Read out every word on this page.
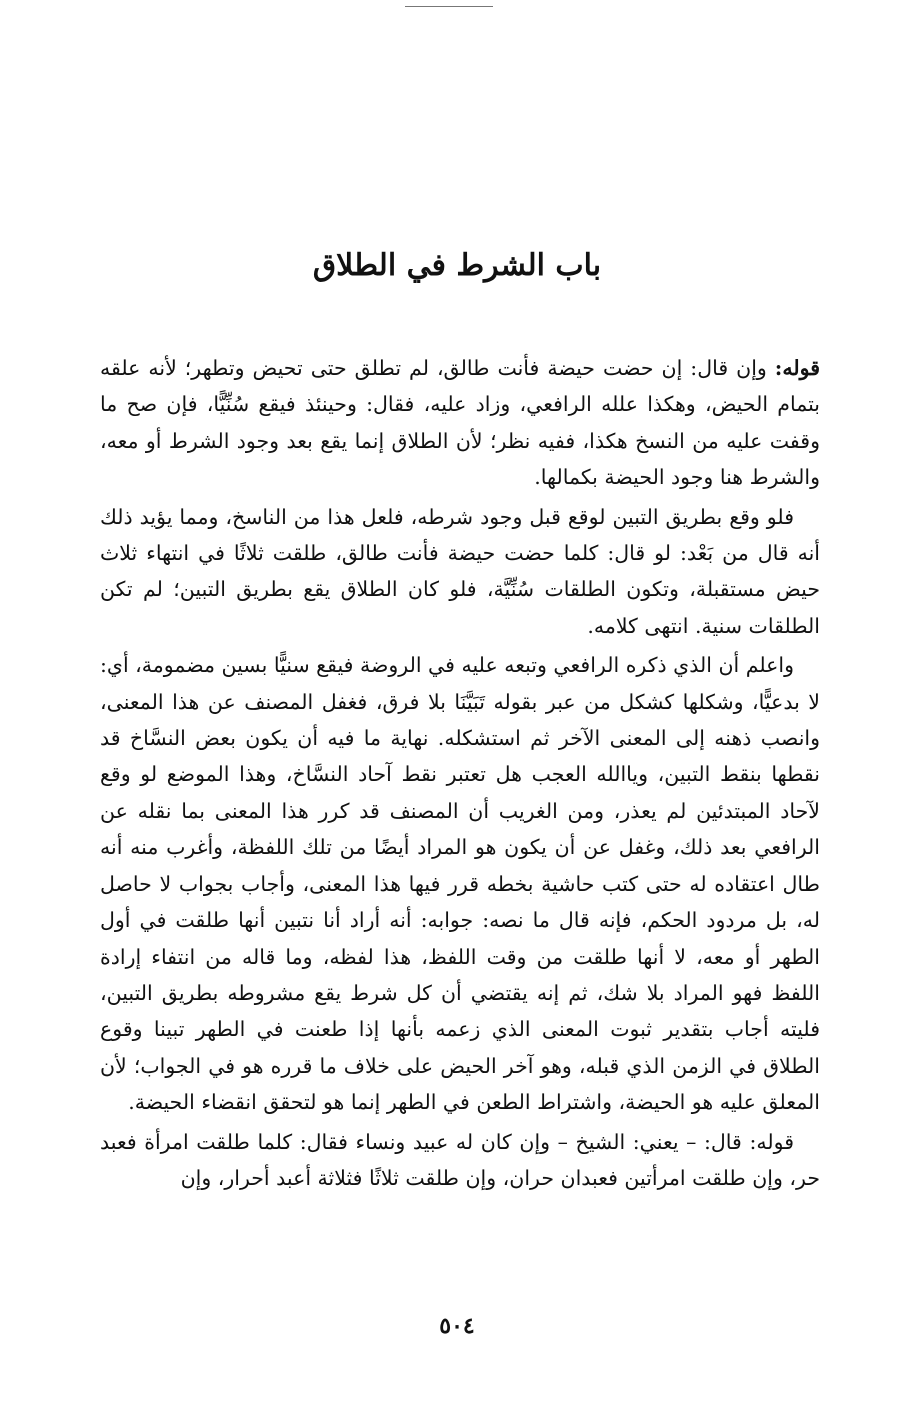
باب الشرط في الطلاق

قوله: وإن قال: إن حضت حيضة فأنت طالق، لم تطلق حتى تحيض وتطهر؛ لأنه علقه بتمام الحيض، وهكذا علله الرافعي، وزاد عليه، فقال: وحينئذ فيقع سُنِّيًّا، فإن صح ما وقفت عليه من النسخ هكذا، ففيه نظر؛ لأن الطلاق إنما يقع بعد وجود الشرط أو معه، والشرط هنا وجود الحيضة بكمالها.

فلو وقع بطريق التبين لوقع قبل وجود شرطه، فلعل هذا من الناسخ، ومما يؤيد ذلك أنه قال من بَعْد: لو قال: كلما حضت حيضة فأنت طالق، طلقت ثلاثًا في انتهاء ثلاث حيض مستقبلة، وتكون الطلقات سُنِّيَّة، فلو كان الطلاق يقع بطريق التبين؛ لم تكن الطلقات سنية. انتهى كلامه.

واعلم أن الذي ذكره الرافعي وتبعه عليه في الروضة فيقع سنيًّا بسين مضمومة، أي: لا بدعيًّا، وشكلها كشكل من عبر بقوله تَبَيَّنَا بلا فرق، فغفل المصنف عن هذا المعنى، وانصب ذهنه إلى المعنى الآخر ثم استشكله. نهاية ما فيه أن يكون بعض النسَّاخ قد نقطها بنقط التبين، وياالله العجب هل تعتبر نقط آحاد النسَّاخ، وهذا الموضع لو وقع لآحاد المبتدئين لم يعذر، ومن الغريب أن المصنف قد كرر هذا المعنى بما نقله عن الرافعي بعد ذلك، وغفل عن أن يكون هو المراد أيضًا من تلك اللفظة، وأغرب منه أنه طال اعتقاده له حتى كتب حاشية بخطه قرر فيها هذا المعنى، وأجاب بجواب لا حاصل له، بل مردود الحكم، فإنه قال ما نصه: جوابه: أنه أراد أنا نتبين أنها طلقت في أول الطهر أو معه، لا أنها طلقت من وقت اللفظ، هذا لفظه، وما قاله من انتفاء إرادة اللفظ فهو المراد بلا شك، ثم إنه يقتضي أن كل شرط يقع مشروطه بطريق التبين، فليته أجاب بتقدير ثبوت المعنى الذي زعمه بأنها إذا طعنت في الطهر تبينا وقوع الطلاق في الزمن الذي قبله، وهو آخر الحيض على خلاف ما قرره هو في الجواب؛ لأن المعلق عليه هو الحيضة، واشتراط الطعن في الطهر إنما هو لتحقق انقضاء الحيضة.

قوله: قال: – يعني: الشيخ – وإن كان له عبيد ونساء فقال: كلما طلقت امرأة فعبد حر، وإن طلقت امرأتين فعبدان حران، وإن طلقت ثلاثًا فثلاثة أعبد أحرار، وإن

٥٠٤
